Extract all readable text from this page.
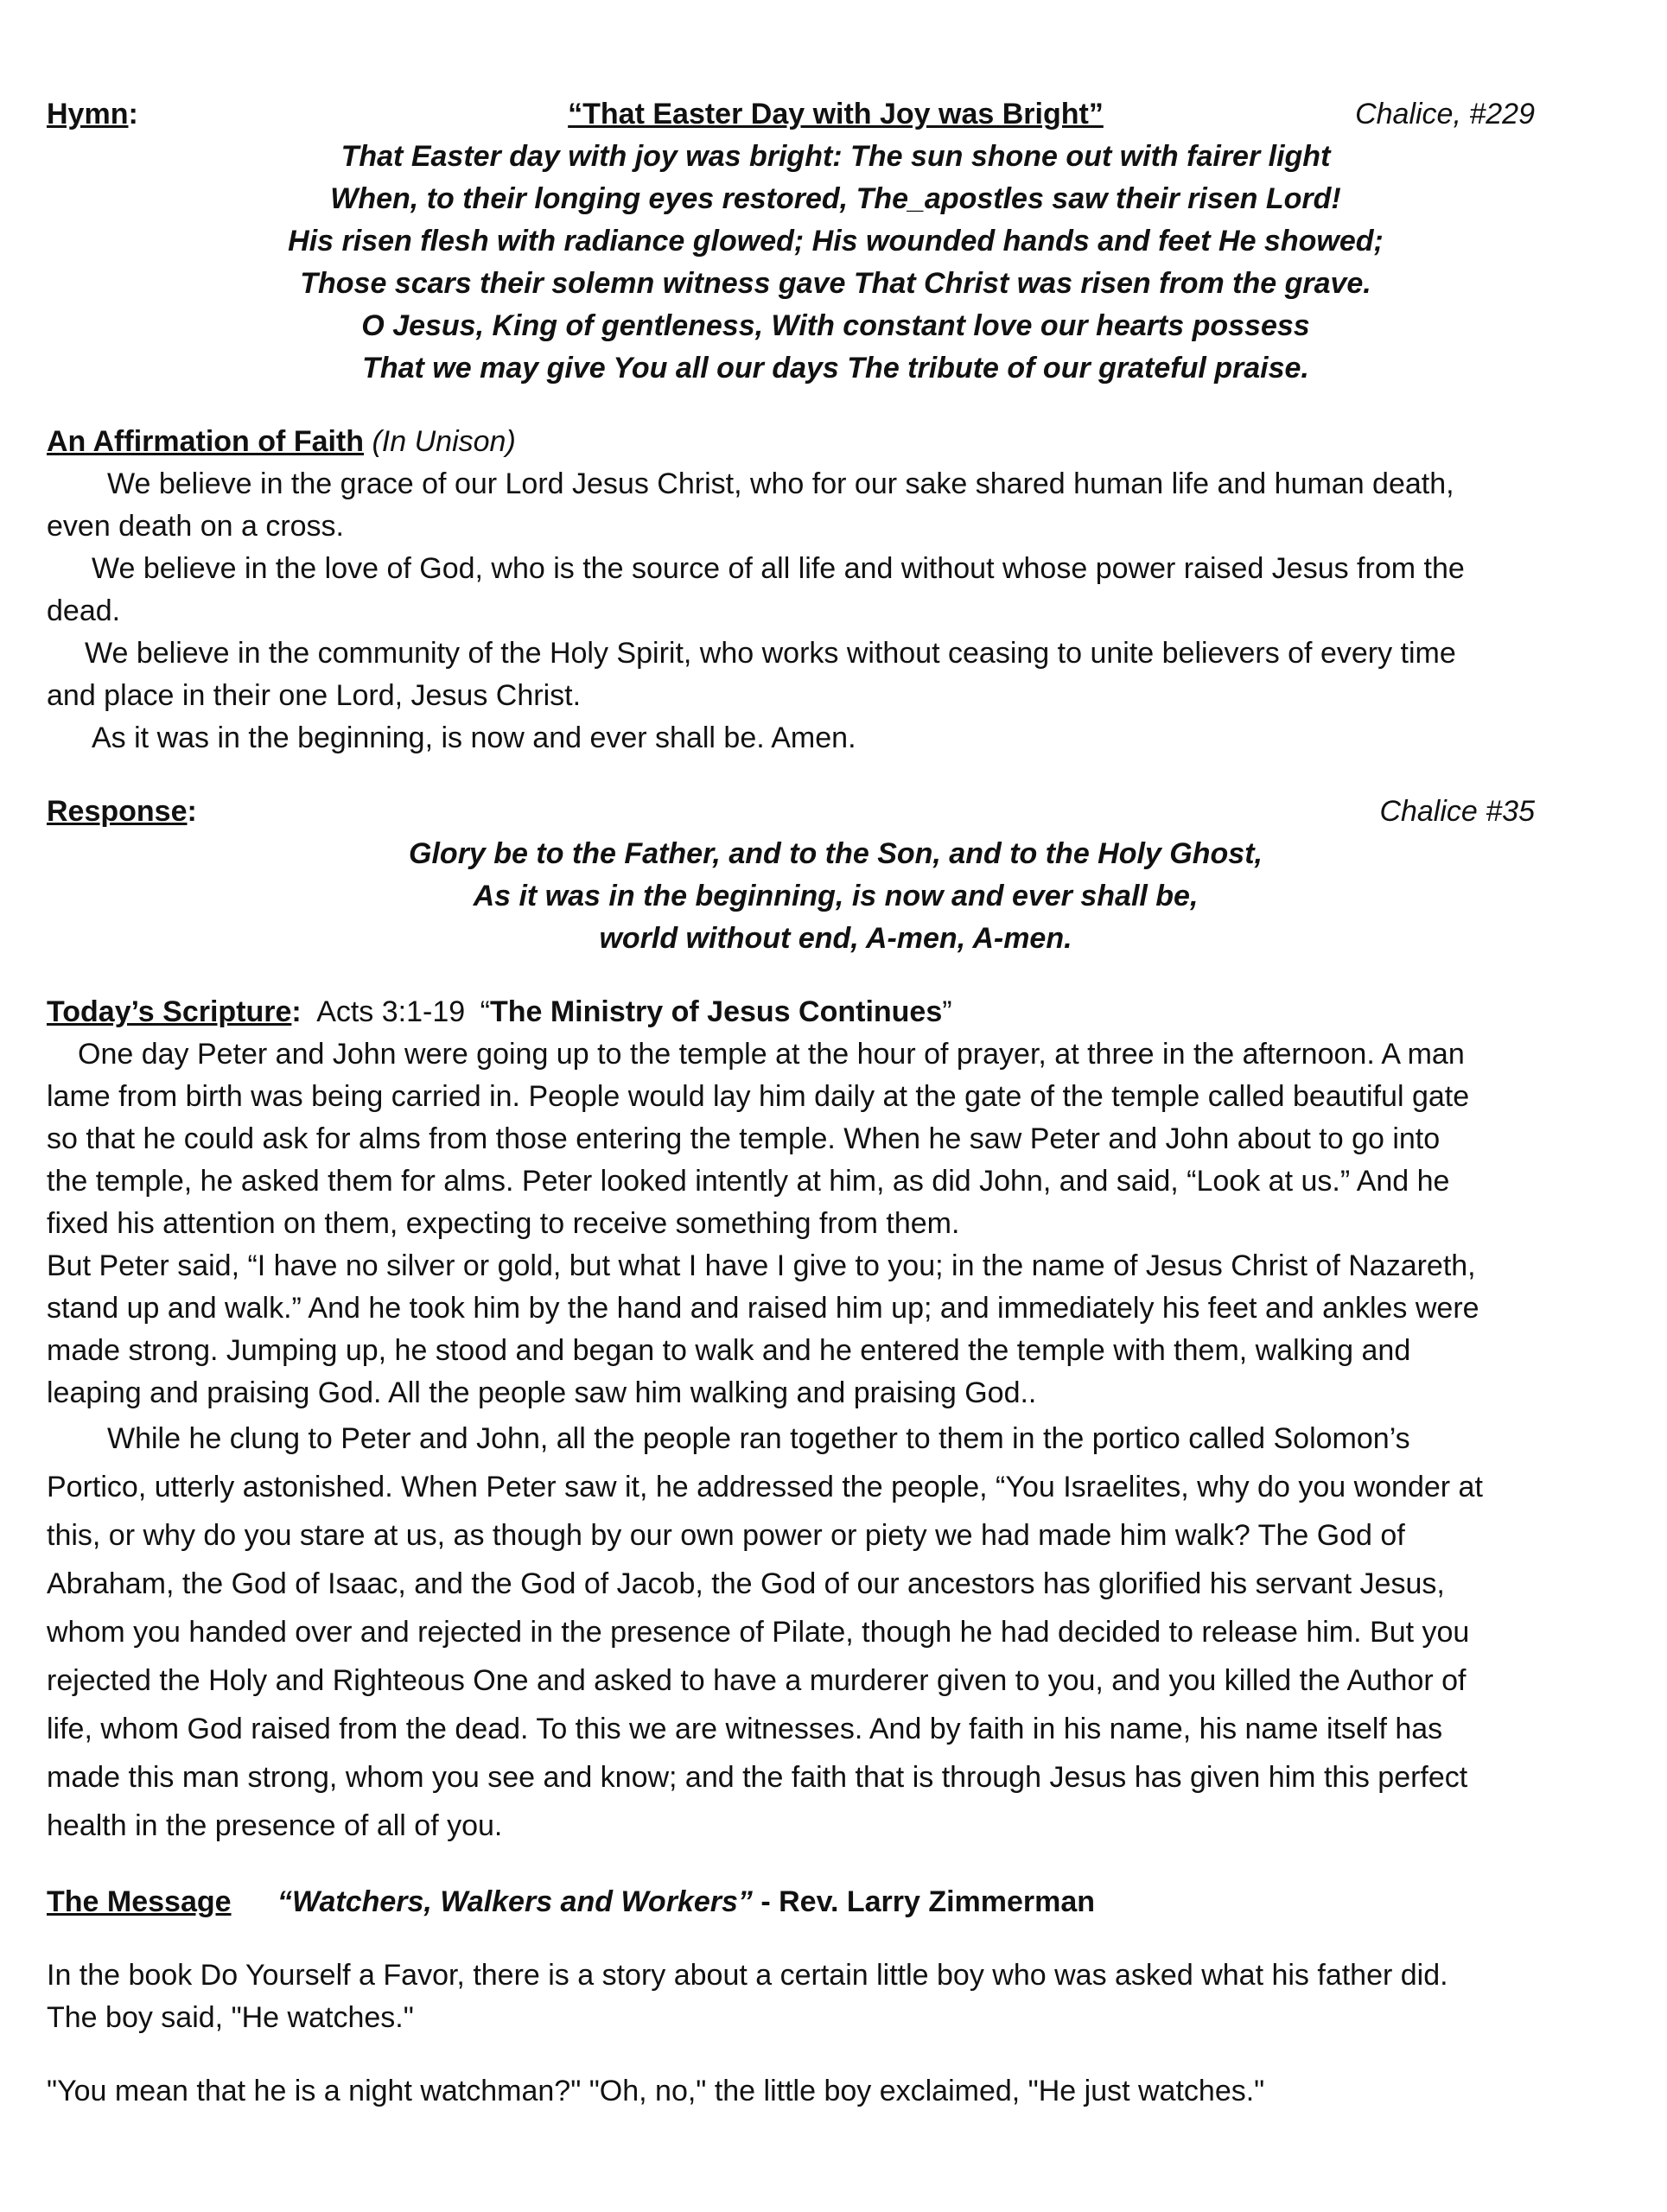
Hymn:	“That Easter Day with Joy was Bright”	Chalice, #229
That Easter day with joy was bright: The sun shone out with fairer light
When, to their longing eyes restored, The_apostles saw their risen Lord!
His risen flesh with radiance glowed; His wounded hands and feet He showed;
Those scars their solemn witness gave That Christ was risen from the grave.
O Jesus, King of gentleness, With constant love our hearts possess
That we may give You all our days The tribute of our grateful praise.
An Affirmation of Faith (In Unison)
We believe in the grace of our Lord Jesus Christ, who for our sake shared human life and human death,
even death on a cross.
We believe in the love of God, who is the source of all life and without whose power raised Jesus from the
dead.
We believe in the community of the Holy Spirit, who works without ceasing to unite believers of every time
and place in their one Lord, Jesus Christ.
As it was in the beginning, is now and ever shall be. Amen.
Response:	Chalice #35
Glory be to the Father, and to the Son, and to the Holy Ghost,
As it was in the beginning, is now and ever shall be,
world without end, A-men, A-men.
Today’s Scripture: Acts 3:1-19 “The Ministry of Jesus Continues”
One day Peter and John were going up to the temple at the hour of prayer, at three in the afternoon. A man
lame from birth was being carried in. People would lay him daily at the gate of the temple called beautiful gate
so that he could ask for alms from those entering the temple. When he saw Peter and John about to go into
the temple, he asked them for alms. Peter looked intently at him, as did John, and said, “Look at us.” And he
fixed his attention on them, expecting to receive something from them.
But Peter said, “I have no silver or gold, but what I have I give to you; in the name of Jesus Christ of Nazareth,
stand up and walk.” And he took him by the hand and raised him up; and immediately his feet and ankles were
made strong. Jumping up, he stood and began to walk and he entered the temple with them, walking and
leaping and praising God. All the people saw him walking and praising God..
While he clung to Peter and John, all the people ran together to them in the portico called Solomon’s
Portico, utterly astonished. When Peter saw it, he addressed the people, “You Israelites, why do you wonder at
this, or why do you stare at us, as though by our own power or piety we had made him walk? The God of
Abraham, the God of Isaac, and the God of Jacob, the God of our ancestors has glorified his servant Jesus,
whom you handed over and rejected in the presence of Pilate, though he had decided to release him. But you
rejected the Holy and Righteous One and asked to have a murderer given to you, and you killed the Author of
life, whom God raised from the dead. To this we are witnesses. And by faith in his name, his name itself has
made this man strong, whom you see and know; and the faith that is through Jesus has given him this perfect
health in the presence of all of you.
The Message “Watchers, Walkers and Workers” - Rev. Larry Zimmerman
In the book Do Yourself a Favor, there is a story about a certain little boy who was asked what his father did.
The boy said, "He watches."
"You mean that he is a night watchman?" "Oh, no," the little boy exclaimed, "He just watches."
